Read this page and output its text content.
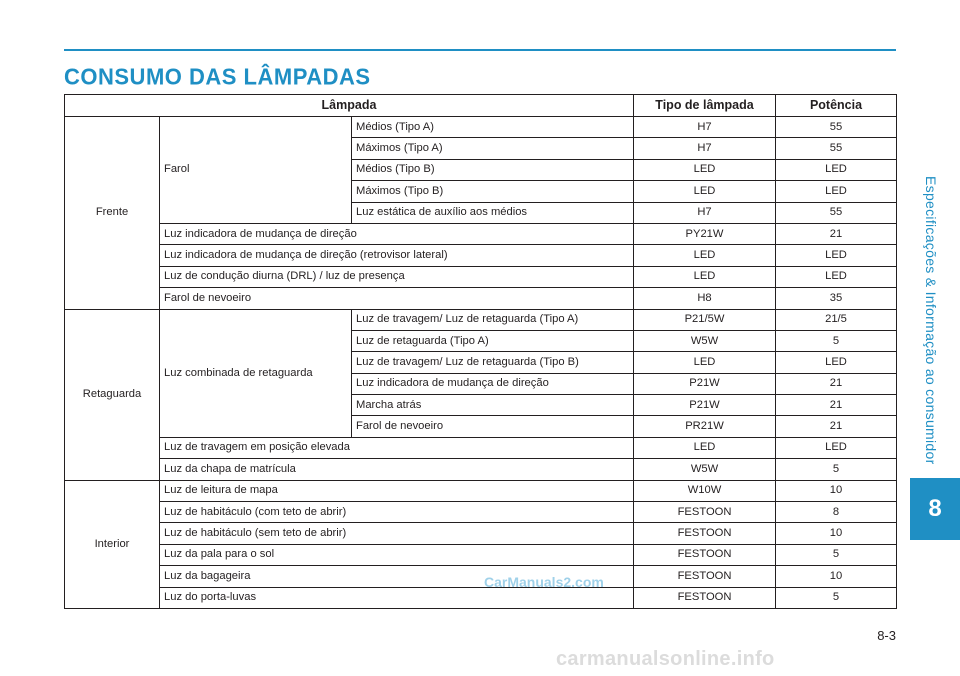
CONSUMO DAS LÂMPADAS
Especificações & Informação ao consumidor
8
Lâmpada			Tipo de lâmpada	Potência
Frente	Farol	Médios (Tipo A)	H7	55
		Máximos (Tipo A)	H7	55
		Médios (Tipo B)	LED	LED
		Máximos (Tipo B)	LED	LED
		Luz estática de auxílio aos médios	H7	55
	Luz indicadora de mudança de direção		PY21W	21
	Luz indicadora de mudança de direção (retrovisor lateral)		LED	LED
	Luz de condução diurna (DRL) / luz de presença		LED	LED
	Farol de nevoeiro		H8	35
Retaguarda	Luz combinada de retaguarda	Luz de travagem/ Luz de retaguarda (Tipo A)	P21/5W	21/5
		Luz de retaguarda (Tipo A)	W5W	5
		Luz de travagem/ Luz de retaguarda (Tipo B)	LED	LED
		Luz indicadora de mudança de direção	P21W	21
		Marcha atrás	P21W	21
		Farol de nevoeiro	PR21W	21
	Luz de travagem em posição elevada		LED	LED
	Luz da chapa de matrícula		W5W	5
Interior	Luz de leitura de mapa		W10W	10
	Luz de habitáculo (com teto de abrir)		FESTOON	8
	Luz de habitáculo (sem teto de abrir)		FESTOON	10
	Luz da pala para o sol		FESTOON	5
	Luz da bagageira		FESTOON	10
	Luz do porta-luvas		FESTOON	5
CarManuals2.com
8-3
carmanualsonline.info
